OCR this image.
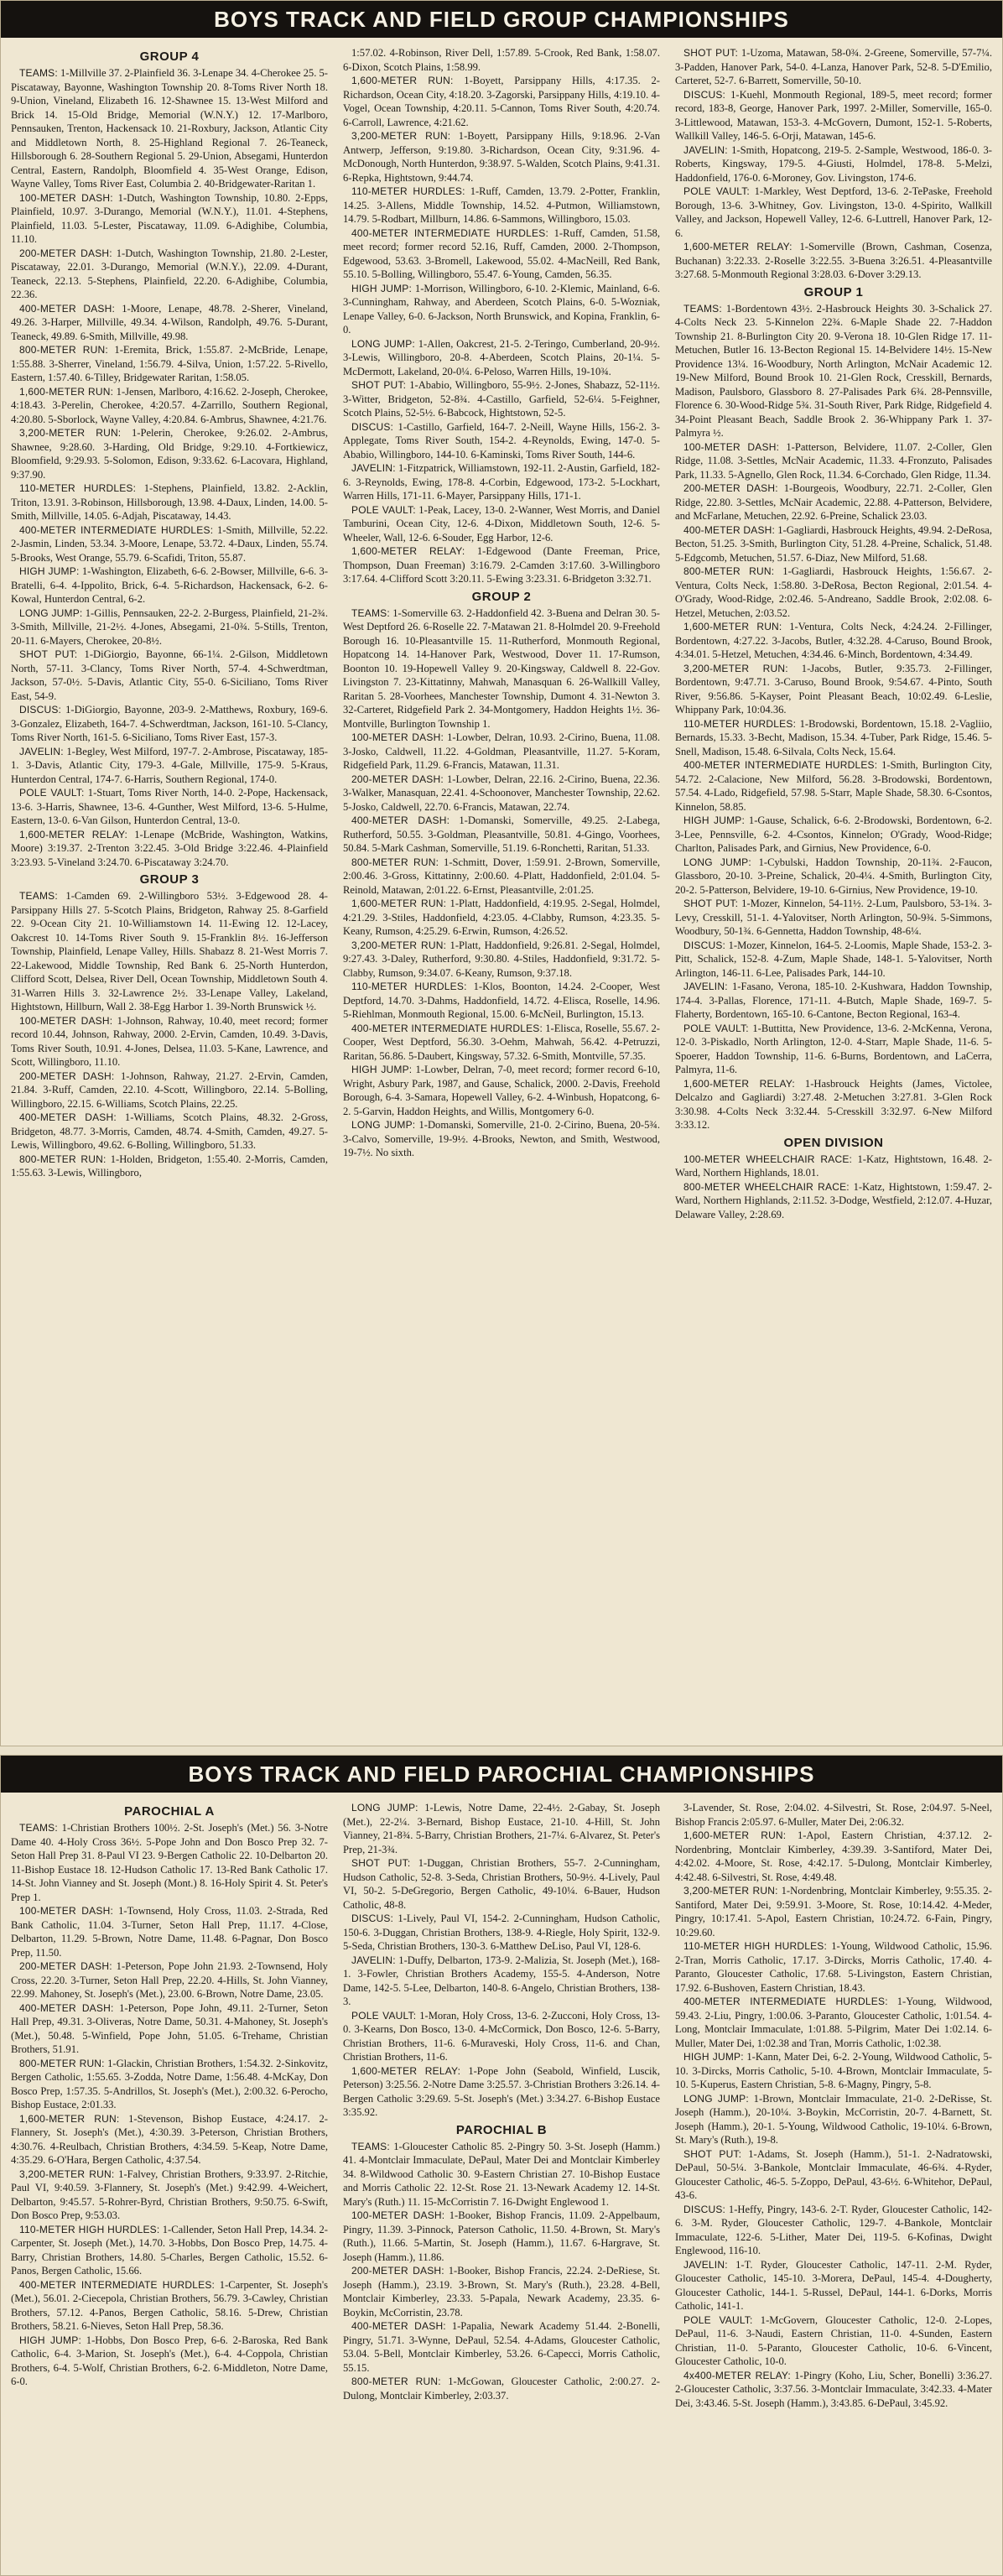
BOYS TRACK AND FIELD GROUP CHAMPIONSHIPS
GROUP 4

TEAMS: 1-Millville 37. 2-Plainfield 36. 3-Lenape 34. 4-Cherokee 25. 5-Piscataway, Bayonne, Washington Township 20. 8-Toms River North 18. 9-Union, Vineland, Elizabeth 16. 12-Shawnee 15. 13-West Milford and Brick 14. 15-Old Bridge, Memorial (W.N.Y.) 12. 17-Marlboro, Pennsauken, Trenton, Hackensack 10. 21-Roxbury, Jackson, Atlantic City and Middletown North, 8. 25-Highland Regional 7. 26-Teaneck, Hillsborough 6. 28-Southern Regional 5. 29-Union, Absegami, Hunterdon Central, Eastern, Randolph, Bloomfield 4. 35-West Orange, Edison, Wayne Valley, Toms River East, Columbia 2. 40-Bridgewater-Raritan 1.

100-METER DASH: 1-Dutch, Washington Township, 10.80. 2-Epps, Plainfield, 10.97. 3-Durango, Memorial (W.N.Y.), 11.01. 4-Stephens, Plainfield, 11.03. 5-Lester, Piscataway, 11.09. 6-Adighibe, Columbia, 11.10.

200-METER DASH: 1-Dutch, Washington Township, 21.80. 2-Lester, Piscataway, 22.01. 3-Durango, Memorial (W.N.Y.), 22.09. 4-Durant, Teaneck, 22.13. 5-Stephens, Plainfield, 22.20. 6-Adighibe, Columbia, 22.36.

400-METER DASH: 1-Moore, Lenape, 48.78. 2-Sherer, Vineland, 49.26. 3-Harper, Millville, 49.34. 4-Wilson, Randolph, 49.76. 5-Durant, Teaneck, 49.89. 6-Smith, Millville, 49.98.

800-METER RUN: 1-Eremita, Brick, 1:55.87. 2-McBride, Lenape, 1:55.88. 3-Sherrer, Vineland, 1:56.79. 4-Silva, Union, 1:57.22. 5-Rivello, Eastern, 1:57.40. 6-Tilley, Bridgewater Raritan, 1:58.05.

1,600-METER RUN: 1-Jensen, Marlboro, 4:16.62. 2-Joseph, Cherokee, 4:18.43. 3-Perelin, Cherokee, 4:20.57. 4-Zarrillo, Southern Regional, 4:20.80. 5-Sborlock, Wayne Valley, 4:20.84. 6-Ambrus, Shawnee, 4:21.76.

3,200-METER RUN: 1-Pelerin, Cherokee, 9:26.02. 2-Ambrus, Shawnee, 9:28.60. 3-Harding, Old Bridge, 9:29.10. 4-Fortkiewicz, Bloomfield, 9:29.93. 5-Solomon, Edison, 9:33.62. 6-Lacovara, Highland, 9:37.90.

110-METER HURDLES: 1-Stephens, Plainfield, 13.82. 2-Acklin, Triton, 13.91. 3-Robinson, Hillsborough, 13.98. 4-Daux, Linden, 14.00. 5-Smith, Millville, 14.05. 6-Adjah, Piscataway, 14.43.

400-METER INTERMEDIATE HURDLES: 1-Smith, Millville, 52.22. 2-Jasmin, Linden, 53.34. 3-Moore, Lenape, 53.72. 4-Daux, Linden, 55.74. 5-Brooks, West Orange, 55.79. 6-Scafidi, Triton, 55.87.

HIGH JUMP: 1-Washington, Elizabeth, 6-6. 2-Bowser, Millville, 6-6. 3-Bratelli, 6-4. 4-Ippolito, Brick, 6-4. 5-Richardson, Hackensack, 6-2. 6-Kowal, Hunterdon Central, 6-2.

LONG JUMP: 1-Gillis, Pennsauken, 22-2. 2-Burgess, Plainfield, 21-2¾. 3-Smith, Millville, 21-2½. 4-Jones, Absegami, 21-0¾. 5-Stills, Trenton, 20-11. 6-Mayers, Cherokee, 20-8½.

SHOT PUT: 1-DiGiorgio, Bayonne, 66-1¼. 2-Gilson, Middletown North, 57-11. 3-Clancy, Toms River North, 57-4. 4-Schwerdtman, Jackson, 57-0½. 5-Davis, Atlantic City, 55-0. 6-Siciliano, Toms River East, 54-9.

DISCUS: 1-DiGiorgio, Bayonne, 203-9. 2-Matthews, Roxbury, 169-6. 3-Gonzalez, Elizabeth, 164-7. 4-Schwerdtman, Jackson, 161-10. 5-Clancy, Toms River North, 161-5. 6-Siciliano, Toms River East, 157-3.

JAVELIN: 1-Begley, West Milford, 197-7. 2-Ambrose, Piscataway, 185-1. 3-Davis, Atlantic City, 179-3. 4-Gale, Millville, 175-9. 5-Kraus, Hunterdon Central, 174-7. 6-Harris, Southern Regional, 174-0.

POLE VAULT: 1-Stuart, Toms River North, 14-0. 2-Pope, Hackensack, 13-6. 3-Harris, Shawnee, 13-6. 4-Gunther, West Milford, 13-6. 5-Hulme, Eastern, 13-0. 6-Van Gilson, Hunterdon Central, 13-0.

1,600-METER RELAY: 1-Lenape (McBride, Washington, Watkins, Moore) 3:19.37. 2-Trenton 3:22.45. 3-Old Bridge 3:22.46. 4-Plainfield 3:23.93. 5-Vineland 3:24.70. 6-Piscataway 3:24.70.

GROUP 3

TEAMS: 1-Camden 69. 2-Willingboro 53½. 3-Edgewood 28. 4-Parsippany Hills 27. 5-Scotch Plains, Bridgeton, Rahway 25. 8-Garfield 22. 9-Ocean City 21. 10-Williamstown 14. 11-Ewing 12. 12-Lacey, Oakcrest 10. 14-Toms River South 9. 15-Franklin 8½. 16-Jefferson Township, Plainfield, Lenape Valley, Hills. Shabazz 8. 21-West Morris 7. 22-Lakewood, Middle Township, Red Bank 6. 25-North Hunterdon, Clifford Scott, Delsea, River Dell, Ocean Township, Middletown South 4. 31-Warren Hills 3. 32-Lawrence 2½. 33-Lenape Valley, Lakeland, Hightstown, Hillburn, Wall 2. 38-Egg Harbor 1. 39-North Brunswick ½.

100-METER DASH: 1-Johnson, Rahway, 10.40, meet record; former record 10.44, Johnson, Rahway, 2000. 2-Ervin, Camden, 10.49. 3-Davis, Toms River South, 10.91. 4-Jones, Delsea, 11.03. 5-Kane, Lawrence, and Scott, Willingboro, 11.10.

200-METER DASH: 1-Johnson, Rahway, 21.27. 2-Ervin, Camden, 21.84. 3-Ruff, Camden, 22.10. 4-Scott, Willingboro, 22.14. 5-Bolling, Willingboro, 22.15. 6-Williams, Scotch Plains, 22.25.

400-METER DASH: 1-Williams, Scotch Plains, 48.32. 2-Gross, Bridgeton, 48.77. 3-Morris, Camden, 48.74. 4-Smith, Camden, 49.27. 5-Lewis, Willingboro, 49.62. 6-Bolling, Willingboro, 51.33.

800-METER RUN: 1-Holden, Bridgeton, 1:55.40. 2-Morris, Camden, 1:55.63. 3-Lewis, Willingboro,

1:57.02. 4-Robinson, River Dell, 1:57.89. 5-Crook, Red Bank, 1:58.07. 6-Dixon, Scotch Plains, 1:58.99.

1,600-METER RUN: 1-Boyett, Parsippany Hills, 4:17.35. 2-Richardson, Ocean City, 4:18.20. 3-Zagorski, Parsippany Hills, 4:19.10. 4-Vogel, Ocean Township, 4:20.11. 5-Cannon, Toms River South, 4:20.74. 6-Carroll, Lawrence, 4:21.62.

3,200-METER RUN: 1-Boyett, Parsippany Hills, 9:18.96. 2-Van Antwerp, Jefferson, 9:19.80. 3-Richardson, Ocean City, 9:31.96. 4-McDonough, North Hunterdon, 9:38.97. 5-Walden, Scotch Plains, 9:41.31. 6-Repka, Hightstown, 9:44.74.

110-METER HURDLES: 1-Ruff, Camden, 13.79. 2-Potter, Franklin, 14.25. 3-Allens, Middle Township, 14.52. 4-Putmon, Williamstown, 14.79. 5-Rodbart, Millburn, 14.86. 6-Sammons, Willingboro, 15.03.

400-METER INTERMEDIATE HURDLES: 1-Ruff, Camden, 51.58, meet record; former record 52.16, Ruff, Camden, 2000. 2-Thompson, Edgewood, 53.63. 3-Bromell, Lakewood, 55.02. 4-MacNeill, Red Bank, 55.10. 5-Bolling, Willingboro, 55.47. 6-Young, Camden, 56.35.

HIGH JUMP: 1-Morrison, Willingboro, 6-10. 2-Klemic, Mainland, 6-6. 3-Cunningham, Rahway, and Aberdeen, Scotch Plains, 6-0. 5-Wozniak, Lenape Valley, 6-0. 6-Jackson, North Brunswick, and Kopina, Franklin, 6-0.

LONG JUMP: 1-Allen, Oakcrest, 21-5. 2-Teringo, Cumberland, 20-9½. 3-Lewis, Willingboro, 20-8. 4-Aberdeen, Scotch Plains, 20-1¼. 5-McDermott, Lakeland, 20-0¼. 6-Peloso, Warren Hills, 19-10¾.

SHOT PUT: 1-Ababio, Willingboro, 55-9½. 2-Jones, Shabazz, 52-11½. 3-Witter, Bridgeton, 52-8¾. 4-Castillo, Garfield, 52-6¼. 5-Feighner, Scotch Plains, 52-5½. 6-Babcock, Hightstown, 52-5.

DISCUS: 1-Castillo, Garfield, 164-7. 2-Neill, Wayne Hills, 156-2. 3-Applegate, Toms River South, 154-2. 4-Reynolds, Ewing, 147-0. 5-Ababio, Willingboro, 144-10. 6-Kaminski, Toms River South, 144-6.

JAVELIN: 1-Fitzpatrick, Williamstown, 192-11. 2-Austin, Garfield, 182-6. 3-Reynolds, Ewing, 178-8. 4-Corbin, Edgewood, 173-2. 5-Lockhart, Warren Hills, 171-11. 6-Mayer, Parsippany Hills, 171-1.

POLE VAULT: 1-Peak, Lacey, 13-0. 2-Wanner, West Morris, and Daniel Tamburini, Ocean City, 12-6. 4-Dixon, Middletown South, 12-6. 5-Wheeler, Wall, 12-6. 6-Souder, Egg Harbor, 12-6.

1,600-METER RELAY: 1-Edgewood (Dante Freeman, Price, Thompson, Duan Freeman) 3:16.79. 2-Camden 3:17.60. 3-Willingboro 3:17.64. 4-Clifford Scott 3:20.11. 5-Ewing 3:23.31. 6-Bridgeton 3:32.71.

GROUP 2

TEAMS: 1-Somerville 63. 2-Haddonfield 42. 3-Buena and Delran 30. 5-West Deptford 26. 6-Roselle 22. 7-Matawan 21. 8-Holmdel 20. 9-Freehold Borough 16. 10-Pleasantville 15. 11-Rutherford, Monmouth Regional, Hopatcong 14. 14-Hanover Park, Westwood, Dover 11. 17-Rumson, Boonton 10. 19-Hopewell Valley 9. 20-Kingsway, Caldwell 8. 22-Gov. Livingston 7. 23-Kittatinny, Mahwah, Manasquan 6. 26-Wallkill Valley, Raritan 5. 28-Voorhees, Manchester Township, Dumont 4. 31-Newton 3. 32-Carteret, Ridgefield Park 2. 34-Montgomery, Haddon Heights 1½. 36-Montville, Burlington Township 1.

100-METER DASH: 1-Lowber, Delran, 10.93. 2-Cirino, Buena, 11.08. 3-Josko, Caldwell, 11.22. 4-Goldman, Pleasantville, 11.27. 5-Koram, Ridgefield Park, 11.29. 6-Francis, Matawan, 11.31.

200-METER DASH: 1-Lowber, Delran, 22.16. 2-Cirino, Buena, 22.36. 3-Walker, Manasquan, 22.41. 4-Schoonover, Manchester Township, 22.62. 5-Josko, Caldwell, 22.70. 6-Francis, Matawan, 22.74.

400-METER DASH: 1-Domanski, Somerville, 49.25. 2-Labega, Rutherford, 50.55. 3-Goldman, Pleasantville, 50.81. 4-Gingo, Voorhees, 50.84. 5-Mark Cashman, Somerville, 51.19. 6-Ronchetti, Raritan, 51.33.

800-METER RUN: 1-Schmitt, Dover, 1:59.91. 2-Brown, Somerville, 2:00.46. 3-Gross, Kittatinny, 2:00.60. 4-Platt, Haddonfield, 2:01.04. 5-Reinold, Matawan, 2:01.22. 6-Ernst, Pleasantville, 2:01.25.

1,600-METER RUN: 1-Platt, Haddonfield, 4:19.95. 2-Segal, Holmdel, 4:21.29. 3-Stiles, Haddonfield, 4:23.05. 4-Clabby, Rumson, 4:23.35. 5-Keany, Rumson, 4:25.29. 6-Erwin, Rumson, 4:26.52.

3,200-METER RUN: 1-Platt, Haddonfield, 9:26.81. 2-Segal, Holmdel, 9:27.43. 3-Daley, Rutherford, 9:30.80. 4-Stiles, Haddonfield, 9:31.72. 5-Clabby, Rumson, 9:34.07. 6-Keany, Rumson, 9:37.18.

110-METER HURDLES: 1-Klos, Boonton, 14.24. 2-Cooper, West Deptford, 14.70. 3-Dahms, Haddonfield, 14.72. 4-Elisca, Roselle, 14.96. 5-Riehlman, Monmouth Regional, 15.00. 6-McNeil, Burlington, 15.13.

400-METER INTERMEDIATE HURDLES: 1-Elisca, Roselle, 55.67. 2-Cooper, West Deptford, 56.30. 3-Oehm, Mahwah, 56.42. 4-Petruzzi, Raritan, 56.86. 5-Daubert, Kingsway, 57.32. 6-Smith, Montville, 57.35.

HIGH JUMP: 1-Lowber, Delran, 7-0, meet record; former record 6-10, Wright, Asbury Park, 1987, and Gause, Schalick, 2000. 2-Davis, Freehold Borough, 6-4. 3-Samara, Hopewell Valley, 6-2. 4-Winbush, Hopatcong, 6-2. 5-Garvin, Haddon Heights, and Willis, Montgomery 6-0.

LONG JUMP: 1-Domanski, Somerville, 21-0. 2-Cirino, Buena, 20-5¾. 3-Calvo, Somerville, 19-9½. 4-Brooks, Newton, and Smith, Westwood, 19-7½. No sixth.

SHOT PUT: 1-Uzoma, Matawan, 58-0¾. 2-Greene, Somerville, 57-7¼. 3-Padden, Hanover Park, 54-0. 4-Lanza, Hanover Park, 52-8. 5-D'Emilio, Carteret, 52-7. 6-Barrett, Somerville, 50-10.

DISCUS: 1-Kuehl, Monmouth Regional, 189-5, meet record; former record, 183-8, George, Hanover Park, 1997. 2-Miller, Somerville, 165-0. 3-Littlewood, Matawan, 153-3. 4-McGovern, Dumont, 152-1. 5-Roberts, Wallkill Valley, 146-5. 6-Orji, Matawan, 145-6.

JAVELIN: 1-Smith, Hopatcong, 219-5. 2-Sample, Westwood, 186-0. 3-Roberts, Kingsway, 179-5. 4-Giusti, Holmdel, 178-8. 5-Melzi, Haddonfield, 176-0. 6-Moroney, Gov. Livingston, 174-6.

POLE VAULT: 1-Markley, West Deptford, 13-6. 2-TePaske, Freehold Borough, 13-6. 3-Whitney, Gov. Livingston, 13-0. 4-Spirito, Wallkill Valley, and Jackson, Hopewell Valley, 12-6. 6-Luttrell, Hanover Park, 12-6.

1,600-METER RELAY: 1-Somerville (Brown, Cashman, Cosenza, Buchanan) 3:22.33. 2-Roselle 3:22.55. 3-Buena 3:26.51. 4-Pleasantville 3:27.68. 5-Monmouth Regional 3:28.03. 6-Dover 3:29.13.

GROUP 1

TEAMS: 1-Bordentown 43½. 2-Hasbrouck Heights 30. 3-Schalick 27. 4-Colts Neck 23. 5-Kinnelon 22¾. 6-Maple Shade 22. 7-Haddon Township 21. 8-Burlington City 20. 9-Verona 18. 10-Glen Ridge 17. 11-Metuchen, Butler 16. 13-Becton Regional 15. 14-Belvidere 14½. 15-New Providence 13¼. 16-Woodbury, North Arlington, McNair Academic 12. 19-New Milford, Bound Brook 10. 21-Glen Rock, Cresskill, Bernards, Madison, Paulsboro, Glassboro 8. 27-Palisades Park 6¾. 28-Pennsville, Florence 6. 30-Wood-Ridge 5¾. 31-South River, Park Ridge, Ridgefield 4. 34-Point Pleasant Beach, Saddle Brook 2. 36-Whippany Park 1. 37-Palmyra ½.

100-METER DASH: 1-Patterson, Belvidere, 11.07. 2-Coller, Glen Ridge, 11.08. 3-Settles, McNair Academic, 11.33. 4-Fronzuto, Palisades Park, 11.33. 5-Agnello, Glen Rock, 11.34. 6-Corchado, Glen Ridge, 11.34.

200-METER DASH: 1-Bourgeois, Woodbury, 22.71. 2-Coller, Glen Ridge, 22.80. 3-Settles, McNair Academic, 22.88. 4-Patterson, Belvidere, and McFarlane, Metuchen, 22.92. 6-Preine, Schalick 23.03.

400-METER DASH: 1-Gagliardi, Hasbrouck Heights, 49.94. 2-DeRosa, Becton, 51.25. 3-Smith, Burlington City, 51.28. 4-Preine, Schalick, 51.48. 5-Edgcomb, Metuchen, 51.57. 6-Diaz, New Milford, 51.68.

800-METER RUN: 1-Gagliardi, Hasbrouck Heights, 1:56.67. 2-Ventura, Colts Neck, 1:58.80. 3-DeRosa, Becton Regional, 2:01.54. 4-O'Grady, Wood-Ridge, 2:02.46. 5-Andreano, Saddle Brook, 2:02.08. 6-Hetzel, Metuchen, 2:03.52.

1,600-METER RUN: 1-Ventura, Colts Neck, 4:24.24. 2-Fillinger, Bordentown, 4:27.22. 3-Jacobs, Butler, 4:32.28. 4-Caruso, Bound Brook, 4:34.01. 5-Hetzel, Metuchen, 4:34.46. 6-Minch, Bordentown, 4:34.49.

3,200-METER RUN: 1-Jacobs, Butler, 9:35.73. 2-Fillinger, Bordentown, 9:47.71. 3-Caruso, Bound Brook, 9:54.67. 4-Pinto, South River, 9:56.86. 5-Kayser, Point Pleasant Beach, 10:02.49. 6-Leslie, Whippany Park, 10:04.36.

110-METER HURDLES: 1-Brodowski, Bordentown, 15.18. 2-Vagliio, Bernards, 15.33. 3-Becht, Madison, 15.34. 4-Tuber, Park Ridge, 15.46. 5-Snell, Madison, 15.48. 6-Silvala, Colts Neck, 15.64.

400-METER INTERMEDIATE HURDLES: 1-Smith, Burlington City, 54.72. 2-Calacione, New Milford, 56.28. 3-Brodowski, Bordentown, 57.54. 4-Lado, Ridgefield, 57.98. 5-Starr, Maple Shade, 58.30. 6-Csontos, Kinnelon, 58.85.

HIGH JUMP: 1-Gause, Schalick, 6-6. 2-Brodowski, Bordentown, 6-2. 3-Lee, Pennsville, 6-2. 4-Csontos, Kinnelon; O'Grady, Wood-Ridge; Charlton, Palisades Park, and Girnius, New Providence, 6-0.

LONG JUMP: 1-Cybulski, Haddon Township, 20-11¾. 2-Faucon, Glassboro, 20-10. 3-Preine, Schalick, 20-4¼. 4-Smith, Burlington City, 20-2. 5-Patterson, Belvidere, 19-10. 6-Girnius, New Providence, 19-10.

SHOT PUT: 1-Mozer, Kinnelon, 54-11½. 2-Lum, Paulsboro, 53-1¾. 3-Levy, Cresskill, 51-1. 4-Yalovitser, North Arlington, 50-9¾. 5-Simmons, Woodbury, 50-1¾. 6-Gennetta, Haddon Township, 48-6¼.

DISCUS: 1-Mozer, Kinnelon, 164-5. 2-Loomis, Maple Shade, 153-2. 3-Pitt, Schalick, 152-8. 4-Zum, Maple Shade, 148-1. 5-Yalovitser, North Arlington, 146-11. 6-Lee, Palisades Park, 144-10.

JAVELIN: 1-Fasano, Verona, 185-10. 2-Kushwara, Haddon Township, 174-4. 3-Pallas, Florence, 171-11. 4-Butch, Maple Shade, 169-7. 5-Flaherty, Bordentown, 165-10. 6-Cantone, Becton Regional, 163-4.

POLE VAULT: 1-Buttitta, New Providence, 13-6. 2-McKenna, Verona, 12-0. 3-Piskadlo, North Arlington, 12-0. 4-Starr, Maple Shade, 11-6. 5-Spoerer, Haddon Township, 11-6. 6-Burns, Bordentown, and LaCerra, Palmyra, 11-6.

1,600-METER RELAY: 1-Hasbrouck Heights (James, Victolee, Delcalzo and Gagliardi) 3:27.48. 2-Metuchen 3:27.81. 3-Glen Rock 3:30.98. 4-Colts Neck 3:32.44. 5-Cresskill 3:32.97. 6-New Milford 3:33.12.

OPEN DIVISION

100-METER WHEELCHAIR RACE: 1-Katz, Hightstown, 16.48. 2-Ward, Northern Highlands, 18.01.

800-METER WHEELCHAIR RACE: 1-Katz, Hightstown, 1:59.47. 2-Ward, Northern Highlands, 2:11.52. 3-Dodge, Westfield, 2:12.07. 4-Huzar, Delaware Valley, 2:28.69.

BOYS TRACK AND FIELD PAROCHIAL CHAMPIONSHIPS
PAROCHIAL A

TEAMS: 1-Christian Brothers 100½. 2-St. Joseph's (Met.) 56. 3-Notre Dame 40. 4-Holy Cross 36½. 5-Pope John and Don Bosco Prep 32. 7-Seton Hall Prep 31. 8-Paul VI 23. 9-Bergen Catholic 22. 10-Delbarton 20. 11-Bishop Eustace 18. 12-Hudson Catholic 17. 13-Red Bank Catholic 17. 14-St. John Vianney and St. Joseph (Mont.) 8. 16-Holy Spirit 4. St. Peter's Prep 1.

100-METER DASH: 1-Townsend, Holy Cross, 11.03. 2-Strada, Red Bank Catholic, 11.04. 3-Turner, Seton Hall Prep, 11.17. 4-Close, Delbarton, 11.29. 5-Brown, Notre Dame, 11.48. 6-Pagnar, Don Bosco Prep, 11.50.

200-METER DASH: 1-Peterson, Pope John 21.93. 2-Townsend, Holy Cross, 22.20. 3-Turner, Seton Hall Prep, 22.20. 4-Hills, St. John Vianney, 22.99. Mahoney, St. Joseph's (Met.), 23.00. 6-Brown, Notre Dame, 23.05.

400-METER DASH: 1-Peterson, Pope John, 49.11. 2-Turner, Seton Hall Prep, 49.31. 3-Oliveras, Notre Dame, 50.31. 4-Mahoney, St. Joseph's (Met.), 50.48. 5-Winfield, Pope John, 51.05. 6-Trehame, Christian Brothers, 51.91.

800-METER RUN: 1-Glackin, Christian Brothers, 1:54.32. 2-Sinkovitz, Bergen Catholic, 1:55.65. 3-Zodda, Notre Dame, 1:56.48. 4-McKay, Don Bosco Prep, 1:57.35. 5-Andrillos, St. Joseph's (Met.), 2:00.32. 6-Perocho, Bishop Eustace, 2:01.33.

1,600-METER RUN: 1-Stevenson, Bishop Eustace, 4:24.17. 2-Flannery, St. Joseph's (Met.), 4:30.39. 3-Peterson, Christian Brothers, 4:30.76. 4-Reulbach, Christian Brothers, 4:34.59. 5-Keap, Notre Dame, 4:35.29. 6-O'Hara, Bergen Catholic, 4:37.54.

3,200-METER RUN: 1-Falvey, Christian Brothers, 9:33.97. 2-Ritchie, Paul VI, 9:40.59. 3-Flannery, St. Joseph's (Met.) 9:42.99. 4-Weichert, Delbarton, 9:45.57. 5-Rohrer-Byrd, Christian Brothers, 9:50.75. 6-Swift, Don Bosco Prep, 9:53.03.

110-METER HIGH HURDLES: 1-Callender, Seton Hall Prep, 14.34. 2-Carpenter, St. Joseph (Met.), 14.70. 3-Hobbs, Don Bosco Prep, 14.75. 4-Barry, Christian Brothers, 14.80. 5-Charles, Bergen Catholic, 15.52. 6-Panos, Bergen Catholic, 15.66.

400-METER INTERMEDIATE HURDLES: 1-Carpenter, St. Joseph's (Met.), 56.01. 2-Ciecepola, Christian Brothers, 56.79. 3-Cawley, Christian Brothers, 57.12. 4-Panos, Bergen Catholic, 58.16. 5-Drew, Christian Brothers, 58.21. 6-Nieves, Seton Hall Prep, 58.36.

HIGH JUMP: 1-Hobbs, Don Bosco Prep, 6-6. 2-Baroska, Red Bank Catholic, 6-4. 3-Marion, St. Joseph's (Met.), 6-4. 4-Coppola, Christian Brothers, 6-4. 5-Wolf, Christian Brothers, 6-2. 6-Middleton, Notre Dame, 6-0.

LONG JUMP: 1-Lewis, Notre Dame, 22-4½. 2-Gabay, St. Joseph (Met.), 22-2¼. 3-Bernard, Bishop Eustace, 21-10. 4-Hill, St. John Vianney, 21-8¾. 5-Barry, Christian Brothers, 21-7¼. 6-Alvarez, St. Peter's Prep, 21-3¾.

SHOT PUT: 1-Duggan, Christian Brothers, 55-7. 2-Cunningham, Hudson Catholic, 52-8. 3-Seda, Christian Brothers, 50-9½. 4-Lively, Paul VI, 50-2. 5-DeGregorio, Bergen Catholic, 49-10¼. 6-Bauer, Hudson Catholic, 48-8.

DISCUS: 1-Lively, Paul VI, 154-2. 2-Cunningham, Hudson Catholic, 150-6. 3-Duggan, Christian Brothers, 138-9. 4-Riegle, Holy Spirit, 132-9. 5-Seda, Christian Brothers, 130-3. 6-Matthew DeLiso, Paul VI, 128-6.

JAVELIN: 1-Duffy, Delbarton, 173-9. 2-Malizia, St. Joseph (Met.), 168-1. 3-Fowler, Christian Brothers Academy, 155-5. 4-Anderson, Notre Dame, 142-5. 5-Lee, Delbarton, 140-8. 6-Angelo, Christian Brothers, 138-3.

POLE VAULT: 1-Moran, Holy Cross, 13-6. 2-Zucconi, Holy Cross, 13-0. 3-Kearns, Don Bosco, 13-0. 4-McCormick, Don Bosco, 12-6. 5-Barry, Christian Brothers, 11-6. 6-Muraveski, Holy Cross, 11-6. and Chan, Christian Brothers, 11-6.

1,600-METER RELAY: 1-Pope John (Seabold, Winfield, Luscik, Peterson) 3:25.56. 2-Notre Dame 3:25.57. 3-Christian Brothers 3:26.14. 4-Bergen Catholic 3:29.69. 5-St. Joseph's (Met.) 3:34.27. 6-Bishop Eustace 3:35.92.

PAROCHIAL B

TEAMS: 1-Gloucester Catholic 85. 2-Pingry 50. 3-St. Joseph (Hamm.) 41. 4-Montclair Immaculate, DePaul, Mater Dei and Montclair Kimberley 34. 8-Wildwood Catholic 30. 9-Eastern Christian 27. 10-Bishop Eustace and Morris Catholic 22. 12-St. Rose 21. 13-Newark Academy 12. 14-St. Mary's (Ruth.) 11. 15-McCorristin 7. 16-Dwight Englewood 1.

100-METER DASH: 1-Booker, Bishop Francis, 11.09. 2-Appelbaum, Pingry, 11.39. 3-Pinnock, Paterson Catholic, 11.50. 4-Brown, St. Mary's (Ruth.), 11.66. 5-Martin, St. Joseph (Hamm.), 11.67. 6-Hargrave, St. Joseph (Hamm.), 11.86.

200-METER DASH: 1-Booker, Bishop Francis, 22.24. 2-DeRiese, St. Joseph (Hamm.), 23.19. 3-Brown, St. Mary's (Ruth.), 23.28. 4-Bell, Montclair Kimberley, 23.33. 5-Papala, Newark Academy, 23.35. 6-Boykin, McCorristin, 23.78.

400-METER DASH: 1-Papalia, Newark Academy 51.44. 2-Bonelli, Pingry, 51.71. 3-Wynne, DePaul, 52.54. 4-Adams, Gloucester Catholic, 53.04. 5-Bell, Montclair Kimberley, 53.26. 6-Capecci, Morris Catholic, 55.15.

800-METER RUN: 1-McGowan, Gloucester Catholic, 2:00.27. 2-Dulong, Montclair Kimberley, 2:03.37.

3-Lavender, St. Rose, 2:04.02. 4-Silvestri, St. Rose, 2:04.97. 5-Neel, Bishop Francis 2:05.97. 6-Muller, Mater Dei, 2:06.32.

1,600-METER RUN: 1-Apol, Eastern Christian, 4:37.12. 2-Nordenbring, Montclair Kimberley, 4:39.39. 3-Santiford, Mater Dei, 4:42.02. 4-Moore, St. Rose, 4:42.17. 5-Dulong, Montclair Kimberley, 4:42.48. 6-Silvestri, St. Rose, 4:49.48.

3,200-METER RUN: 1-Nordenbring, Montclair Kimberley, 9:55.35. 2-Santiford, Mater Dei, 9:59.91. 3-Moore, St. Rose, 10:14.42. 4-Meder, Pingry, 10:17.41. 5-Apol, Eastern Christian, 10:24.72. 6-Fain, Pingry, 10:29.60.

110-METER HIGH HURDLES: 1-Young, Wildwood Catholic, 15.96. 2-Tran, Morris Catholic, 17.17. 3-Dircks, Morris Catholic, 17.40. 4-Paranto, Gloucester Catholic, 17.68. 5-Livingston, Eastern Christian, 17.92. 6-Bushoven, Eastern Christian, 18.43.

400-METER INTERMEDIATE HURDLES: 1-Young, Wildwood, 59.43. 2-Liu, Pingry, 1:00.06. 3-Paranto, Gloucester Catholic, 1:01.54. 4-Long, Montclair Immaculate, 1:01.88. 5-Pilgrim, Mater Dei 1:02.14. 6-Muller, Mater Dei, 1:02.38 and Tran, Morris Catholic, 1:02.38.

HIGH JUMP: 1-Kann, Mater Dei, 6-2. 2-Young, Wildwood Catholic, 5-10. 3-Dircks, Morris Catholic, 5-10. 4-Brown, Montclair Immaculate, 5-10. 5-Kuperus, Eastern Christian, 5-8. 6-Magny, Pingry, 5-8.

LONG JUMP: 1-Brown, Montclair Immaculate, 21-0. 2-DeRisse, St. Joseph (Hamm.), 20-10¼. 3-Boykin, McCorristin, 20-7. 4-Barnett, St. Joseph (Hamm.), 20-1. 5-Young, Wildwood Catholic, 19-10¼. 6-Brown, St. Mary's (Ruth.), 19-8.

SHOT PUT: 1-Adams, St. Joseph (Hamm.), 51-1. 2-Nadratowski, DePaul, 50-5¼. 3-Bankole, Montclair Immaculate, 46-6¾. 4-Ryder, Gloucester Catholic, 46-5. 5-Zoppo, DePaul, 43-6½. 6-Whitehor, DePaul, 43-6.

DISCUS: 1-Heffy, Pingry, 143-6. 2-T. Ryder, Gloucester Catholic, 142-6. 3-M. Ryder, Gloucester Catholic, 129-7. 4-Bankole, Montclair Immaculate, 122-6. 5-Lither, Mater Dei, 119-5. 6-Kofinas, Dwight Englewood, 116-10.

JAVELIN: 1-T. Ryder, Gloucester Catholic, 147-11. 2-M. Ryder, Gloucester Catholic, 145-10. 3-Morera, DePaul, 145-4. 4-Dougherty, Gloucester Catholic, 144-1. 5-Russel, DePaul, 144-1. 6-Dorks, Morris Catholic, 141-1.

POLE VAULT: 1-McGovern, Gloucester Catholic, 12-0. 2-Lopes, DePaul, 11-6. 3-Naudi, Eastern Christian, 11-0. 4-Sunden, Eastern Christian, 11-0. 5-Paranto, Gloucester Catholic, 10-6. 6-Vincent, Gloucester Catholic, 10-0.

4x400-METER RELAY: 1-Pingry (Koho, Liu, Scher, Bonelli) 3:36.27. 2-Gloucester Catholic, 3:37.56. 3-Montclair Immaculate, 3:42.33. 4-Mater Dei, 3:43.46. 5-St. Joseph (Hamm.), 3:43.85. 6-DePaul, 3:45.92.
